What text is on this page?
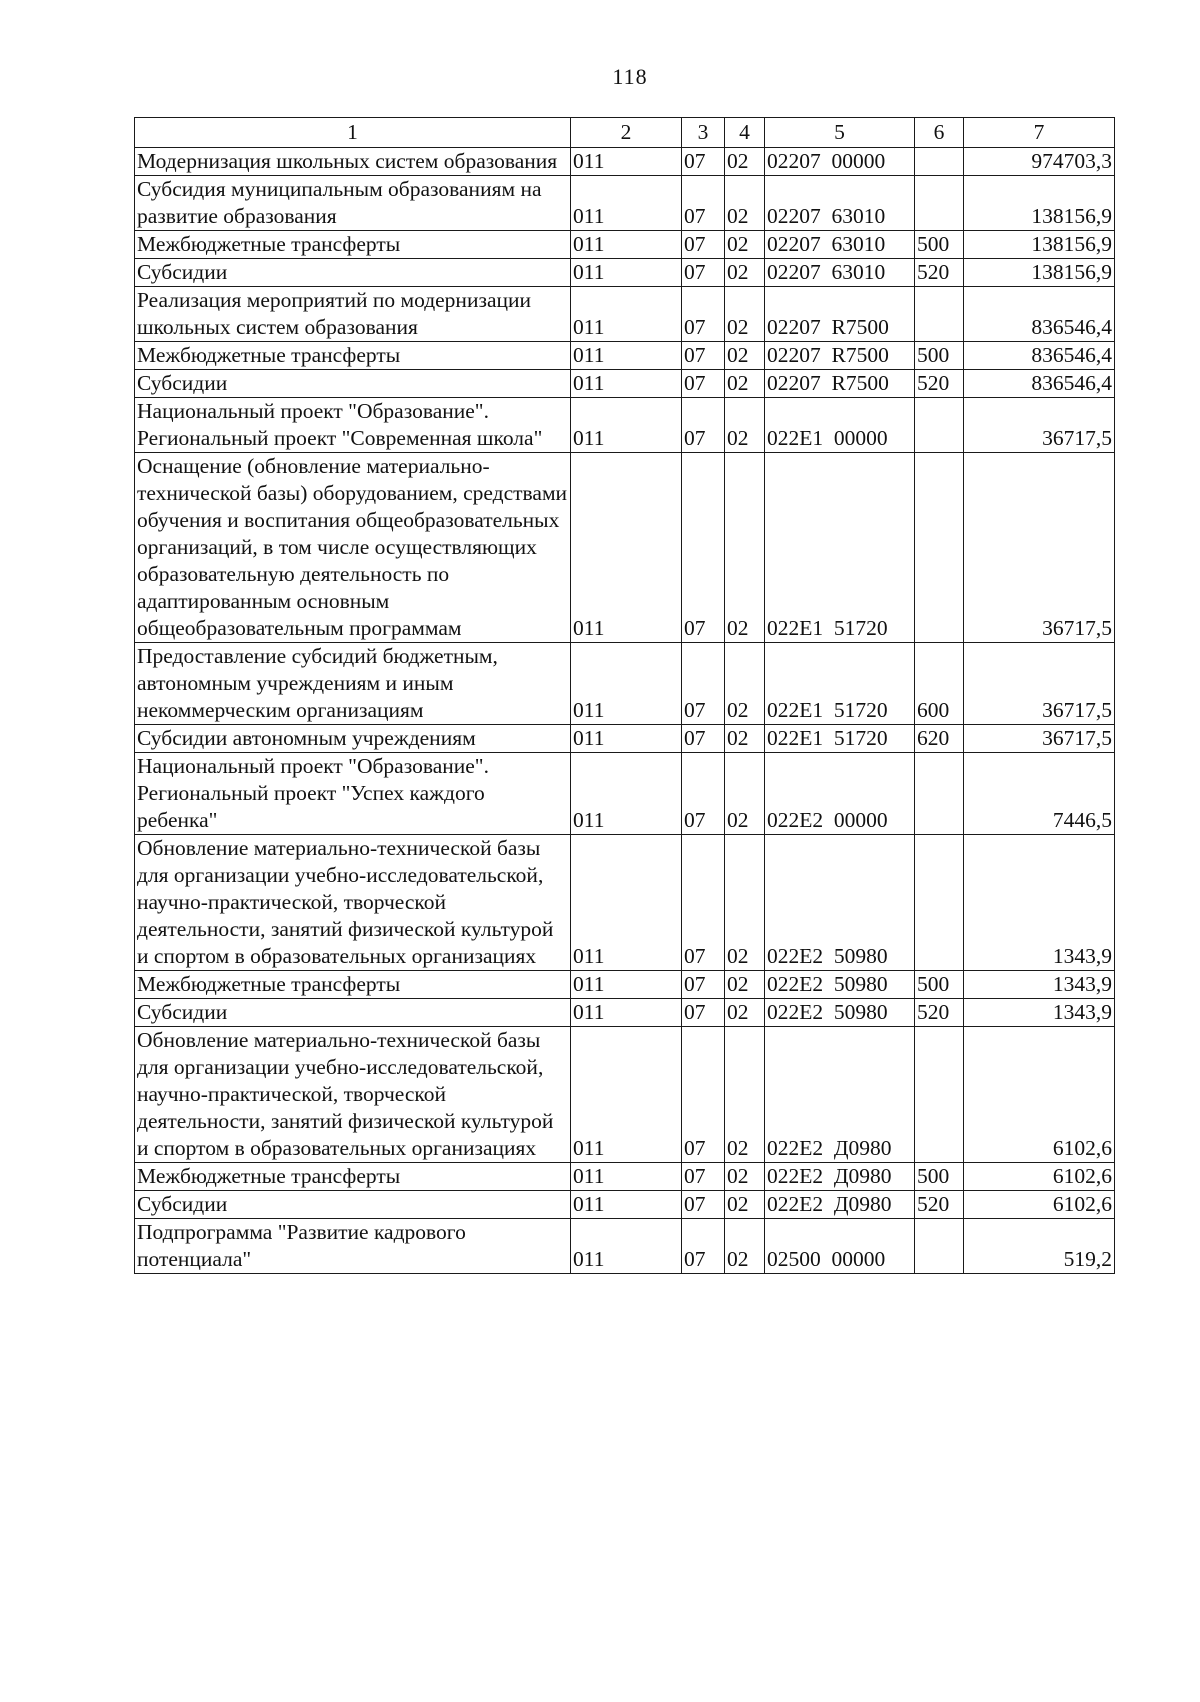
118
1	2	3	4	5	6	7
Модернизация школьных систем образования	011	07	02	02207  00000		974703,3
Субсидия муниципальным образованиям на развитие образования	011	07	02	02207  63010		138156,9
Межбюджетные трансферты	011	07	02	02207  63010	500	138156,9
Субсидии	011	07	02	02207  63010	520	138156,9
Реализация мероприятий по модернизации школьных систем образования	011	07	02	02207  R7500		836546,4
Межбюджетные трансферты	011	07	02	02207  R7500	500	836546,4
Субсидии	011	07	02	02207  R7500	520	836546,4
Национальный проект "Образование". Региональный проект "Современная школа"	011	07	02	022E1  00000		36717,5
Оснащение (обновление материально-технической базы) оборудованием, средствами обучения и воспитания общеобразовательных организаций, в том числе осуществляющих образовательную деятельность по адаптированным основным общеобразовательным программам	011	07	02	022E1  51720		36717,5
Предоставление субсидий бюджетным, автономным учреждениям и иным некоммерческим организациям	011	07	02	022E1  51720	600	36717,5
Субсидии автономным учреждениям	011	07	02	022E1  51720	620	36717,5
Национальный проект "Образование". Региональный проект "Успех каждого ребенка"	011	07	02	022E2  00000		7446,5
Обновление материально-технической базы для организации учебно-исследовательской, научно-практической, творческой деятельности, занятий физической культурой и спортом в образовательных организациях	011	07	02	022E2  50980		1343,9
Межбюджетные трансферты	011	07	02	022E2  50980	500	1343,9
Субсидии	011	07	02	022E2  50980	520	1343,9
Обновление материально-технической базы для организации учебно-исследовательской, научно-практической, творческой деятельности, занятий физической культурой и спортом в образовательных организациях	011	07	02	022E2  Д0980		6102,6
Межбюджетные трансферты	011	07	02	022E2  Д0980	500	6102,6
Субсидии	011	07	02	022E2  Д0980	520	6102,6
Подпрограмма "Развитие кадрового потенциала"	011	07	02	02500  00000		519,2
